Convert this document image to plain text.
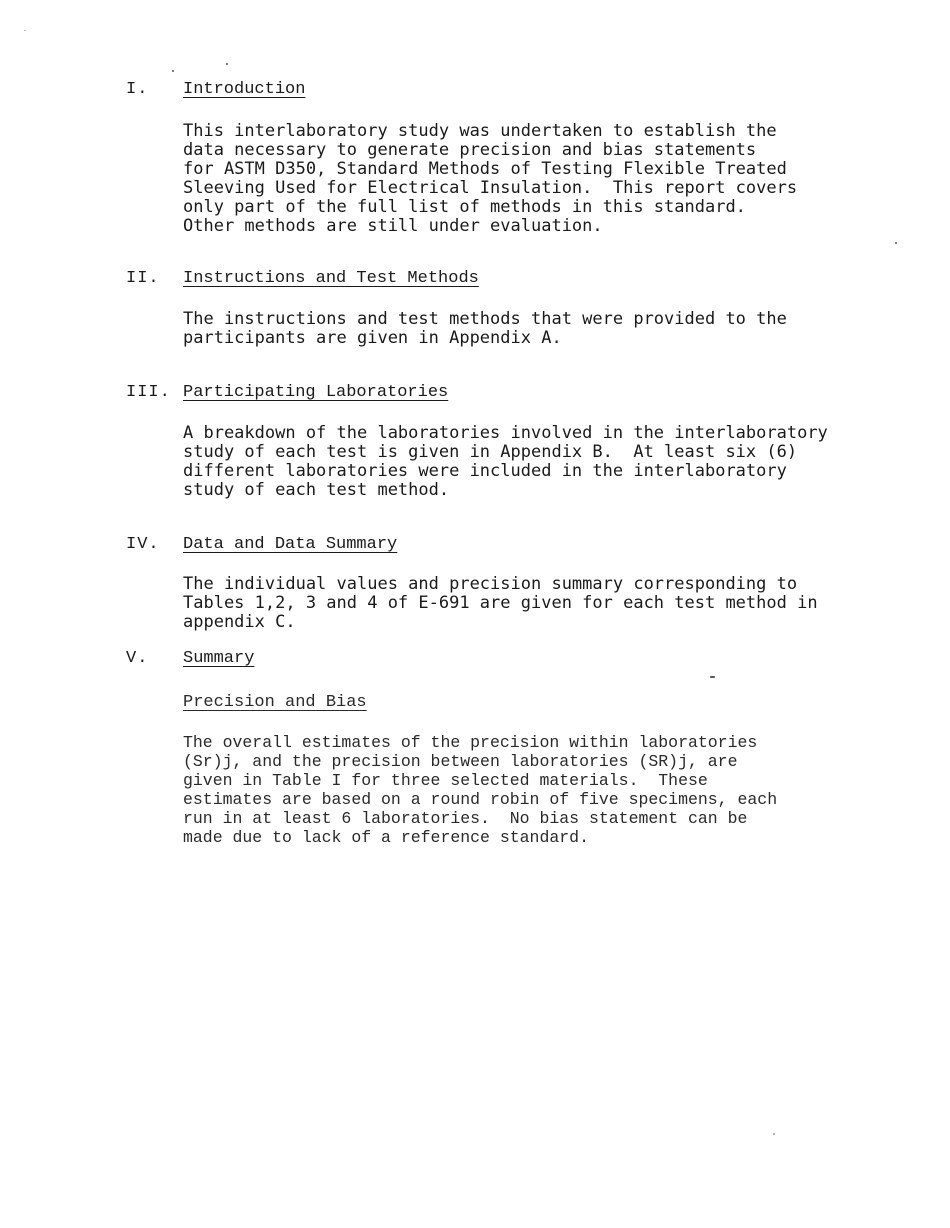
I. Introduction
This interlaboratory study was undertaken to establish the
data necessary to generate precision and bias statements
for ASTM D350, Standard Methods of Testing Flexible Treated
Sleeving Used for Electrical Insulation.  This report covers
only part of the full list of methods in this standard.
Other methods are still under evaluation.
II. Instructions and Test Methods
The instructions and test methods that were provided to the
participants are given in Appendix A.
III. Participating Laboratories
A breakdown of the laboratories involved in the interlaboratory
study of each test is given in Appendix B.  At least six (6)
different laboratories were included in the interlaboratory
study of each test method.
IV. Data and Data Summary
The individual values and precision summary corresponding to
Tables 1,2, 3 and 4 of E-691 are given for each test method in
appendix C.
V. Summary
Precision and Bias
The overall estimates of the precision within laboratories
(Sr)j, and the precision between laboratories (SR)j, are
given in Table I for three selected materials.  These
estimates are based on a round robin of five specimens, each
run in at least 6 laboratories.  No bias statement can be
made due to lack of a reference standard.
